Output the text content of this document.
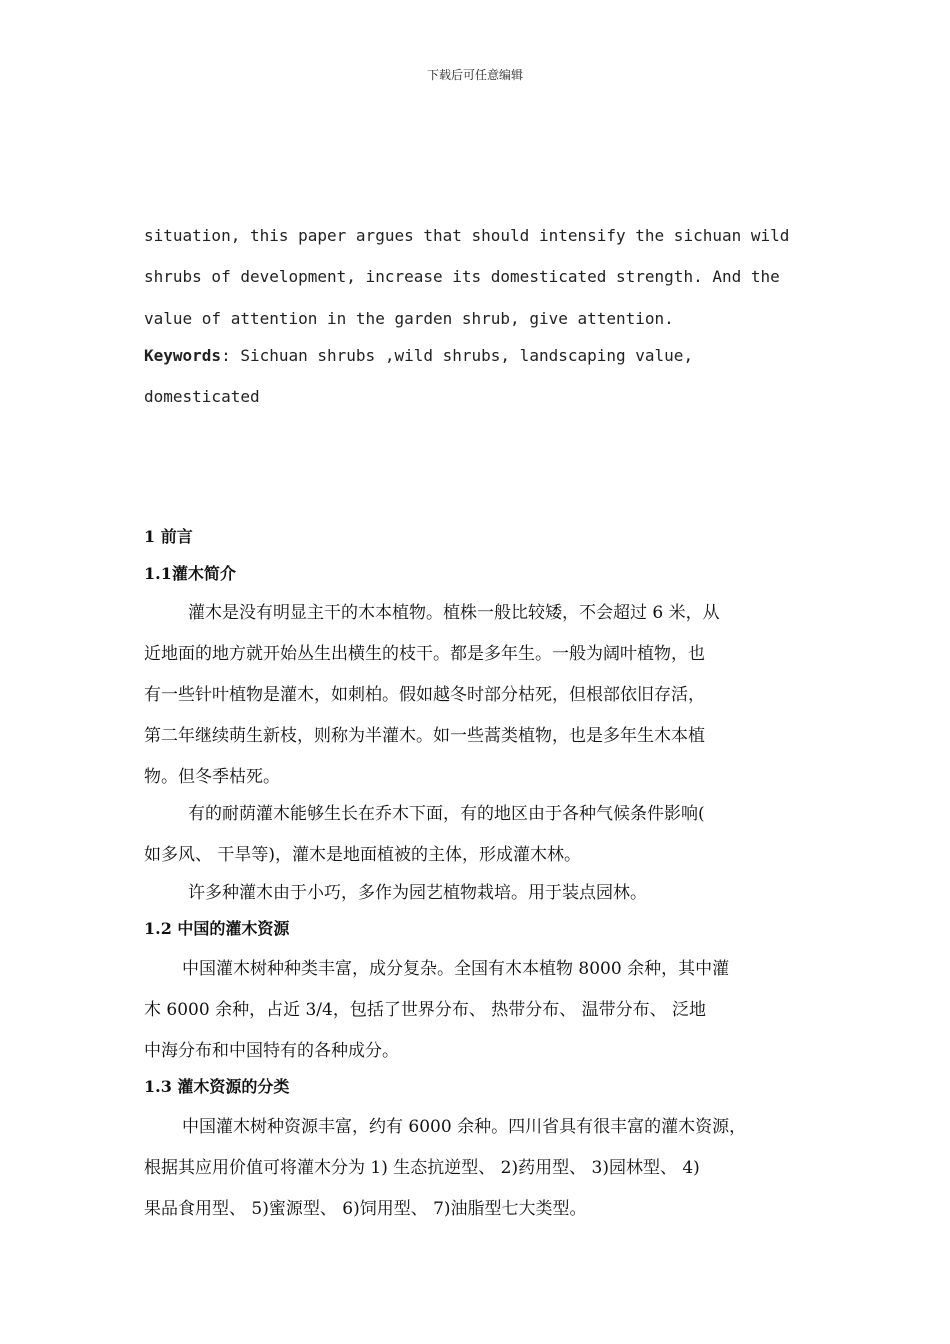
下载后可任意编辑
situation, this paper argues that should intensify the sichuan wild
shrubs of development, increase its domesticated strength. And the
value of attention in the garden shrub, give attention.
Keywords: Sichuan shrubs ,wild shrubs, landscaping value,
domesticated
1 前言
1.1灌木简介
灌木是没有明显主干的木本植物。植株一般比较矮，不会超过 6 米，从
近地面的地方就开始丛生出横生的枝干。都是多年生。一般为阔叶植物，也
有一些针叶植物是灌木，如刺柏。假如越冬时部分枯死，但根部依旧存活，
第二年继续萌生新枝，则称为半灌木。如一些蒿类植物，也是多年生木本植
物。但冬季枯死。
有的耐荫灌木能够生长在乔木下面，有的地区由于各种气候条件影响(
如多风、 干旱等)，灌木是地面植被的主体，形成灌木林。
许多种灌木由于小巧，多作为园艺植物栽培。用于装点园林。
1.2 中国的灌木资源
中国灌木树种种类丰富，成分复杂。全国有木本植物 8000 余种，其中灌
木 6000 余种，占近 3/4，包括了世界分布、 热带分布、 温带分布、 泛地
中海分布和中国特有的各种成分。
1.3 灌木资源的分类
中国灌木树种资源丰富，约有 6000 余种。四川省具有很丰富的灌木资源，
根据其应用价值可将灌木分为 1) 生态抗逆型、 2)药用型、 3)园林型、 4)
果品食用型、 5)蜜源型、 6)饲用型、 7)油脂型七大类型。
